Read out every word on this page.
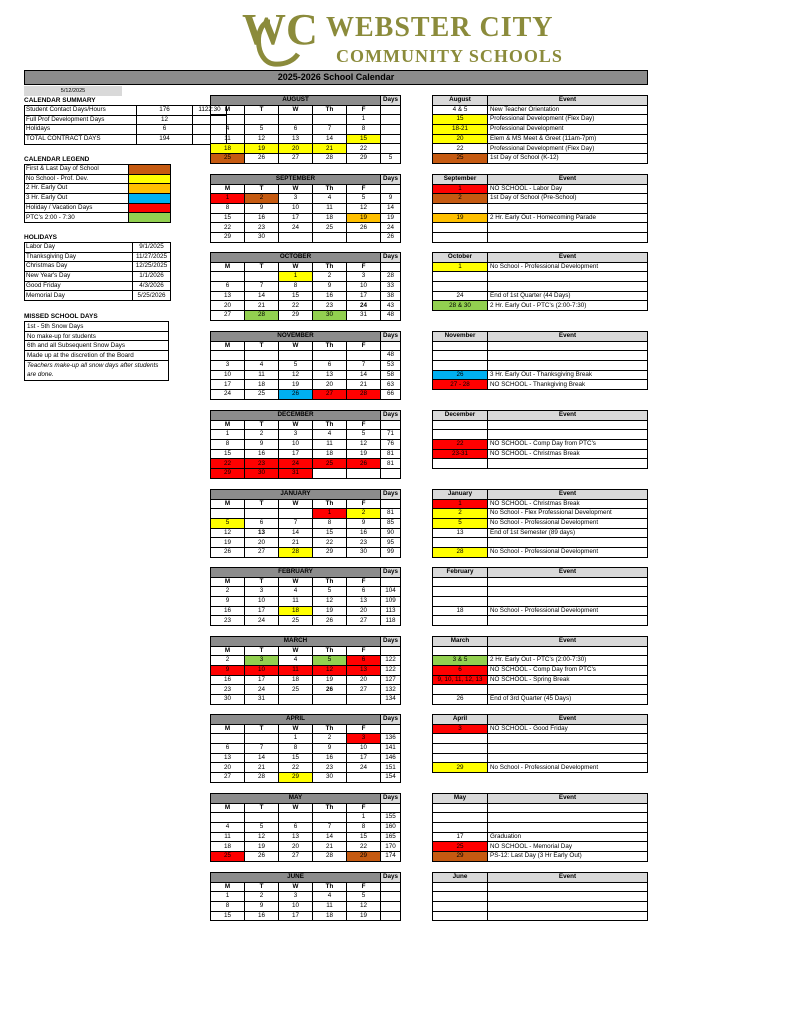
WC WEBSTER CITY
COMMUNITY SCHOOLS
2025-2026 School Calendar
5/12/2025
CALENDAR SUMMARY
Student Contact Days/Hours	176	1122:30
Full Prof Development Days	12	
Holidays	6	
TOTAL CONTRACT DAYS	194	
CALENDAR LEGEND
First & Last Day of School	
No School - Prof. Dev.	
2 Hr. Early Out	
3 Hr. Early Out	
Holiday / Vacation Days	
PTC's 2:00 - 7:30	
HOLIDAYS
Labor Day	9/1/2025
Thanksgiving Day	11/27/2025
Christmas Day	12/25/2025
New Year's Day	1/1/2026
Good Friday	4/3/2026
Memorial Day	5/25/2026
MISSED SCHOOL DAYS
1st - 5th Snow Days
No make-up for students
6th and all Subsequent Snow Days
Made up at the discretion of the Board
Teachers make-up all snow days after students are done.
AUGUST					Days
M	T	W	Th	F	
				1	
4	5	6	7	8	
11	12	13	14	15	
18	19	20	21	22	
25	26	27	28	29	5
August	Event
4 & 5	New Teacher Orientation
15	Professional Development (Flex Day)
18-21	Professional Development
20	Elem & MS Meet & Greet (11am-7pm)
22	Professional Development (Flex Day)
25	1st Day of School (K-12)
SEPTEMBER					Days
M	T	W	Th	F	
1	2	3	4	5	9
8	9	10	11	12	14
15	16	17	18	19	19
22	23	24	25	26	24
29	30				26
September	Event
1	NO SCHOOL - Labor Day
2	1st Day of School (Pre-School)

19	2 Hr. Early Out - Homecoming Parade

OCTOBER					Days
M	T	W	Th	F	
		1	2	3	28
6	7	8	9	10	33
13	14	15	16	17	38
20	21	22	23	24	43
27	28	29	30	31	48
October	Event
1	No School - Professional Development

24	End of 1st Quarter (44 Days)
28 & 30	2 Hr. Early Out - PTC's (2:00-7:30)
NOVEMBER					Days
M	T	W	Th	F	
					48
3	4	5	6	7	53
10	11	12	13	14	58
17	18	19	20	21	63
24	25	26	27	28	66
November	Event

26	3 Hr. Early Out - Thanksgiving Break
27 - 28	NO SCHOOL - Thankgiving Break
DECEMBER					Days
M	T	W	Th	F	
1	2	3	4	5	71
8	9	10	11	12	76
15	16	17	18	19	81
22	23	24	25	26	81
29	30	31			
December	Event

22	NO SCHOOL - Comp Day from PTC's
23-31	NO SCHOOL - Christmas Break

JANUARY					Days
M	T	W	Th	F	
			1	2	81
5	6	7	8	9	85
12	13	14	15	16	90
19	20	21	22	23	95
26	27	28	29	30	99
January	Event
1	NO SCHOOL - Christmas Break
2	No School - Flex Professional Development
5	No School - Professional Development
13	End of 1st Semester (89 days)

28	No School - Professional Development
FEBRUARY					Days
M	T	W	Th	F	
2	3	4	5	6	104
9	10	11	12	13	109
16	17	18	19	20	113
23	24	25	26	27	118
February	Event

18	No School - Professional Development

MARCH					Days
M	T	W	Th	F	
2	3	4	5	6	122
9	10	11	12	13	122
16	17	18	19	20	127
23	24	25	26	27	132
30	31				134
March	Event

3 & 5	2 Hr. Early Out - PTC's (2:00-7:30)
6	NO SCHOOL - Comp Day from PTC's
9, 10, 11, 12, 13	NO SCHOOL - Spring Break

26	End of 3rd Quarter (45 Days)
APRIL					Days
M	T	W	Th	F	
		1	2	3	136
6	7	8	9	10	141
13	14	15	16	17	146
20	21	22	23	24	151
27	28	29	30		154
April	Event
3	NO SCHOOL - Good Friday

29	No School - Professional Development
MAY					Days
M	T	W	Th	F	
				1	155
4	5	6	7	8	160
11	12	13	14	15	165
18	19	20	21	22	170
25	26	27	28	29	174
May	Event

17	Graduation
25	NO SCHOOL - Memorial Day
29	PS-12: Last Day (3 Hr Early Out)
JUNE					Days
M	T	W	Th	F	
1	2	3	4	5	
8	9	10	11	12	
15	16	17	18	19	
June	Event
